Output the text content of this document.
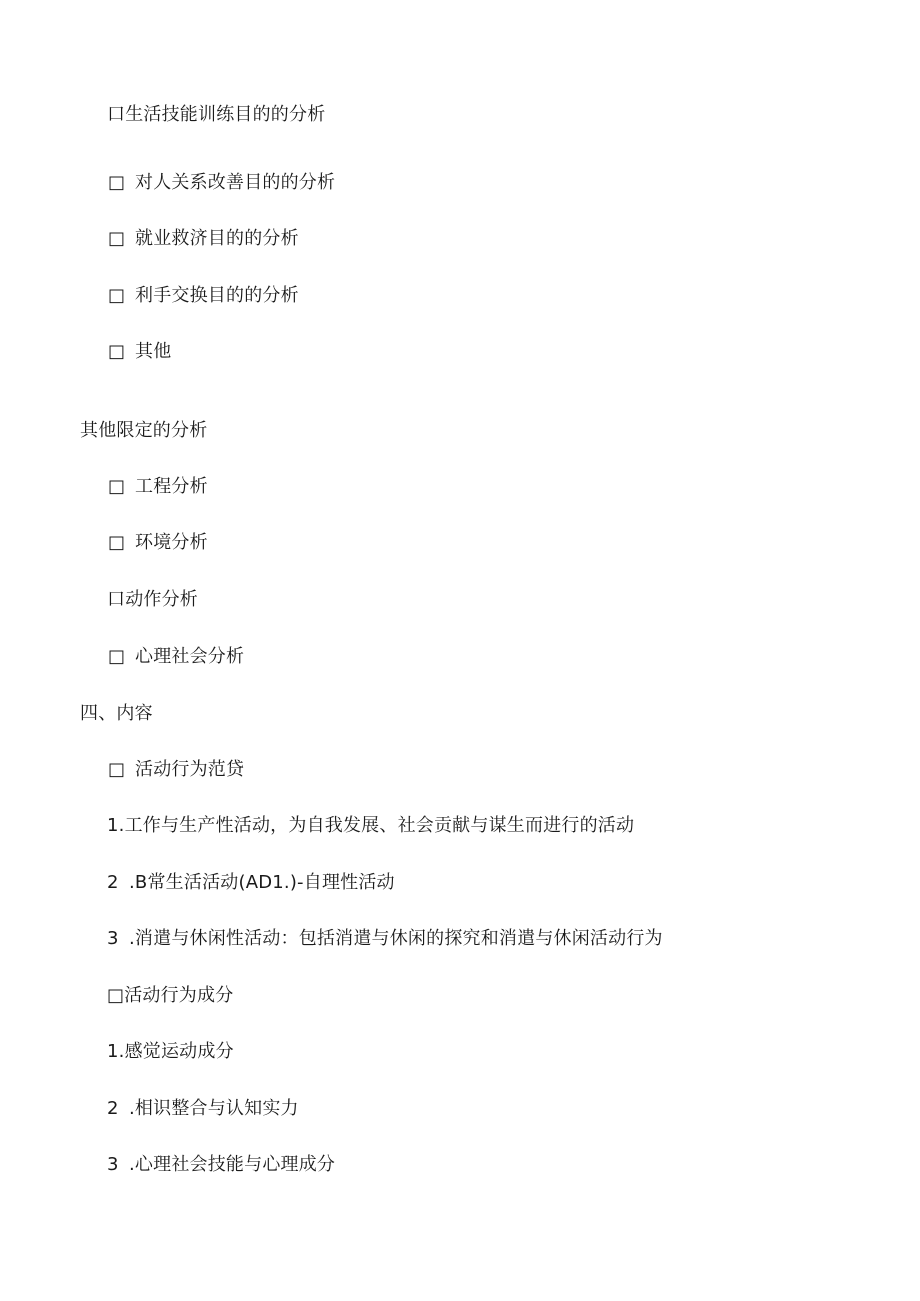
口生活技能训练目的的分析
□ 对人关系改善目的的分析
□ 就业救济目的的分析
□ 利手交换目的的分析
□ 其他
其他限定的分析
□ 工程分析
□ 环境分析
口动作分析
□ 心理社会分析
四、内容
□ 活动行为范贷
1.工作与生产性活动，为自我发展、社会贡献与谋生而进行的活动
2 .B常生活活动(AD1.)-自理性活动
3 .消遣与休闲性活动：包括消遣与休闲的探究和消遣与休闲活动行为
□活动行为成分
1.感觉运动成分
2 .相识整合与认知实力
3 .心理社会技能与心理成分
